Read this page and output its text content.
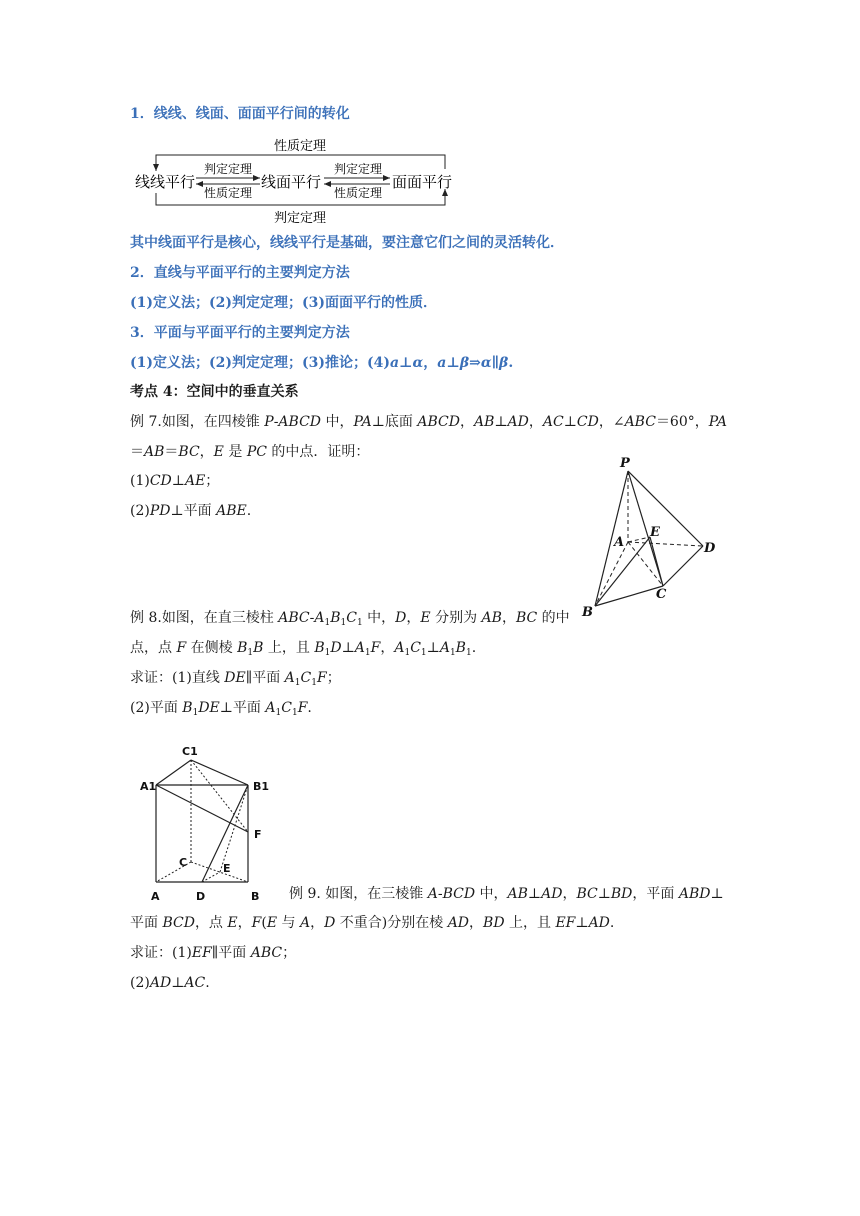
1．线线、线面、面面平行间的转化
性质定理
判定定理
线线平行	线面平行	面面平行
判定定理
性质定理
判定定理
性质定理
其中线面平行是核心，线线平行是基础，要注意它们之间的灵活转化．
2．直线与平面平行的主要判定方法
(1)定义法；(2)判定定理；(3)面面平行的性质．
3．平面与平面平行的主要判定方法
(1)定义法；(2)判定定理；(3)推论；(4)a⊥α，a⊥β⇒α∥β.
考点 4：空间中的垂直关系
例 7.如图，在四棱锥 P-ABCD 中，PA⊥底面 ABCD，AB⊥AD，AC⊥CD，∠ABC＝60°，PA
＝AB＝BC，E 是 PC 的中点．证明：
(1)CD⊥AE；
(2)PD⊥平面 ABE.
P
A
E
D
B
C
例 8.如图，在直三棱柱 ABC-$A_1B_1C_1$ 中，D，E 分别为 AB，BC 的中
点，点 F 在侧棱 $B_1B$ 上，且 $B_1D\perp A_1F$，$A_1C_1\perp A_1B_1$.
求证：(1)直线 DE∥平面 $A_1C_1F$；
(2)平面 $B_1DE\perp$平面 $A_1C_1F$.
C1
A1	B1
F
C	E
A	D	B 例 9. 如图，在三棱锥 A-BCD 中，AB⊥AD，BC⊥BD，平面 ABD⊥
平面 BCD，点 E，F(E 与 A，D 不重合)分别在棱 AD，BD 上，且 EF⊥AD.
求证：(1)EF∥平面 ABC；
(2)AD⊥AC.
